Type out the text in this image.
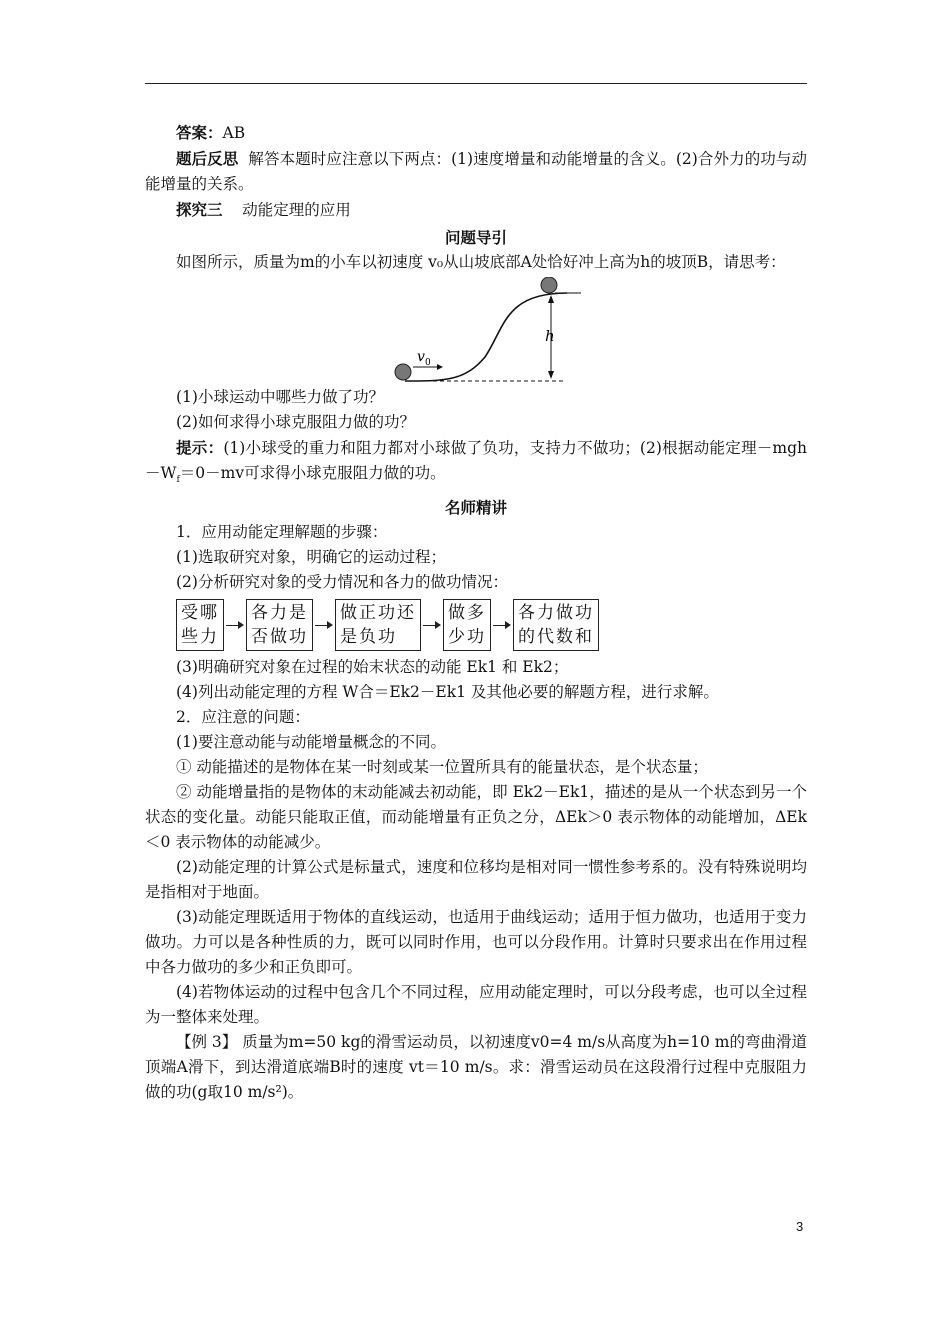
答案：AB

题后反思 解答本题时应注意以下两点：(1)速度增量和动能增量的含义。(2)合外力的功与动能增量的关系。

探究三 动能定理的应用

问题导引

如图所示，质量为m的小车以初速度 v₀从山坡底部A处恰好冲上高为h的坡顶B，请思考：

v 0
h

(1)小球运动中哪些力做了功？

(2)如何求得小球克服阻力做的功？

提示：(1)小球受的重力和阻力都对小球做了负功，支持力不做功；(2)根据动能定理$-mgh-W_f=0-mv$可求得小球克服阻力做的功。

名师精讲

1．应用动能定理解题的步骤：

(1)选取研究对象，明确它的运动过程；

(2)分析研究对象的受力情况和各力的做功情况：

受哪
些力
各力是
否做功
做正功还
是负功
做多
少功
各力做功
的代数和

(3)明确研究对象在过程的始末状态的动能 Ek1 和 Ek2；

(4)列出动能定理的方程 W合＝Ek2－Ek1 及其他必要的解题方程，进行求解。

2．应注意的问题：

(1)要注意动能与动能增量概念的不同。

① 动能描述的是物体在某一时刻或某一位置所具有的能量状态，是个状态量；

② 动能增量指的是物体的末动能减去初动能，即 Ek2－Ek1，描述的是从一个状态到另一个状态的变化量。动能只能取正值，而动能增量有正负之分，ΔEk＞0 表示物体的动能增加，ΔEk＜0 表示物体的动能减少。

(2)动能定理的计算公式是标量式，速度和位移均是相对同一惯性参考系的。没有特殊说明均是指相对于地面。

(3)动能定理既适用于物体的直线运动，也适用于曲线运动；适用于恒力做功，也适用于变力做功。力可以是各种性质的力，既可以同时作用，也可以分段作用。计算时只要求出在作用过程中各力做功的多少和正负即可。

(4)若物体运动的过程中包含几个不同过程，应用动能定理时，可以分段考虑，也可以全过程为一整体来处理。

【例 3】 质量为m=50 kg的滑雪运动员，以初速度v0=4 m/s从高度为h=10 m的弯曲滑道顶端A滑下，到达滑道底端B时的速度 vt＝10 m/s。求：滑雪运动员在这段滑行过程中克服阻力做的功(g取10 m/s²)。

3
